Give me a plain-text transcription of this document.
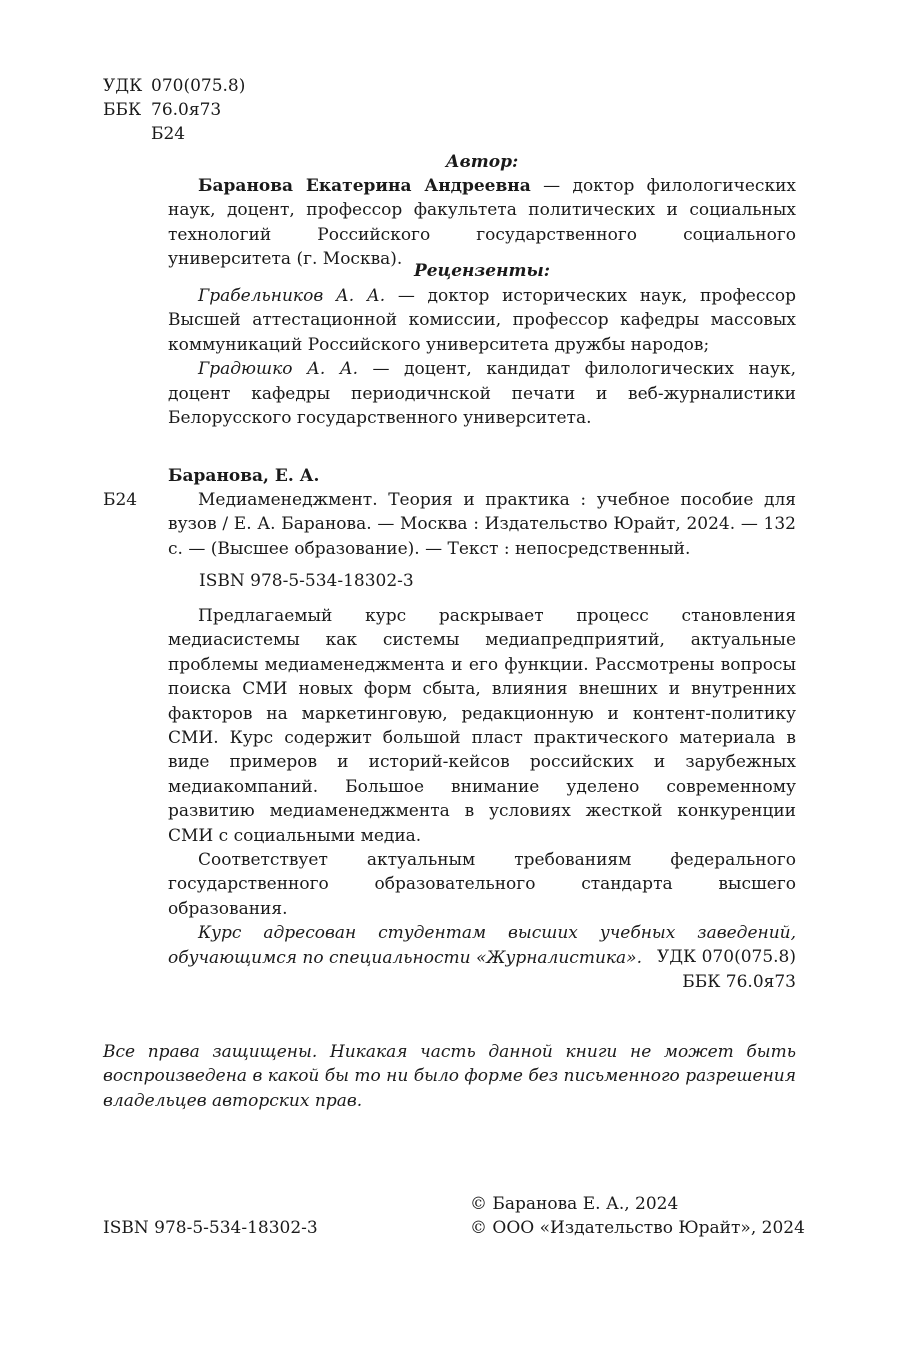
УДК 070(075.8)
ББК 76.0я73
Б24
Автор:

Баранова Екатерина Андреевна — доктор филологических наук, доцент, профессор факультета политических и социальных технологий Российского государственного социального университета (г. Москва).

Рецензенты:

Грабельников А. А. — доктор исторических наук, профессор Высшей аттестационной комиссии, профессор кафедры массовых коммуникаций Российского университета дружбы народов;

Градюшко А. А. — доцент, кандидат филологических наук, доцент кафедры периодичнской печати и веб-журналистики Белорусского государственного университета.

Баранова, Е. А.
Б24	Медиаменеджмент. Теория и практика : учебное пособие для вузов / Е. А. Баранова. — Москва : Издательство Юрайт, 2024. — 132 с. — (Высшее образование). — Текст : непосредственный.

ISBN 978-5-534-18302-3

Предлагаемый курс раскрывает процесс становления медиасистемы как системы медиапредприятий, актуальные проблемы медиаменеджмента и его функции. Рассмотрены вопросы поиска СМИ новых форм сбыта, влияния внешних и внутренних факторов на маркетинговую, редакционную и контент-политику СМИ. Курс содержит большой пласт практического материала в виде примеров и историй-кейсов российских и зарубежных медиакомпаний. Большое внимание уделено современному развитию медиаменеджмента в условиях жесткой конкуренции СМИ с социальными медиа.

Соответствует актуальным требованиям федерального государственного образовательного стандарта высшего образования.

Курс адресован студентам высших учебных заведений, обучающимся по специальности «Журналистика». УДК 070(075.8)
ББК 76.0я73
Все права защищены. Никакая часть данной книги не может быть воспроизведена в какой бы то ни было форме без письменного разрешения владельцев авторских прав.
ISBN 978-5-534-18302-3
© Баранова Е. А., 2024
© ООО «Издательство Юрайт», 2024
